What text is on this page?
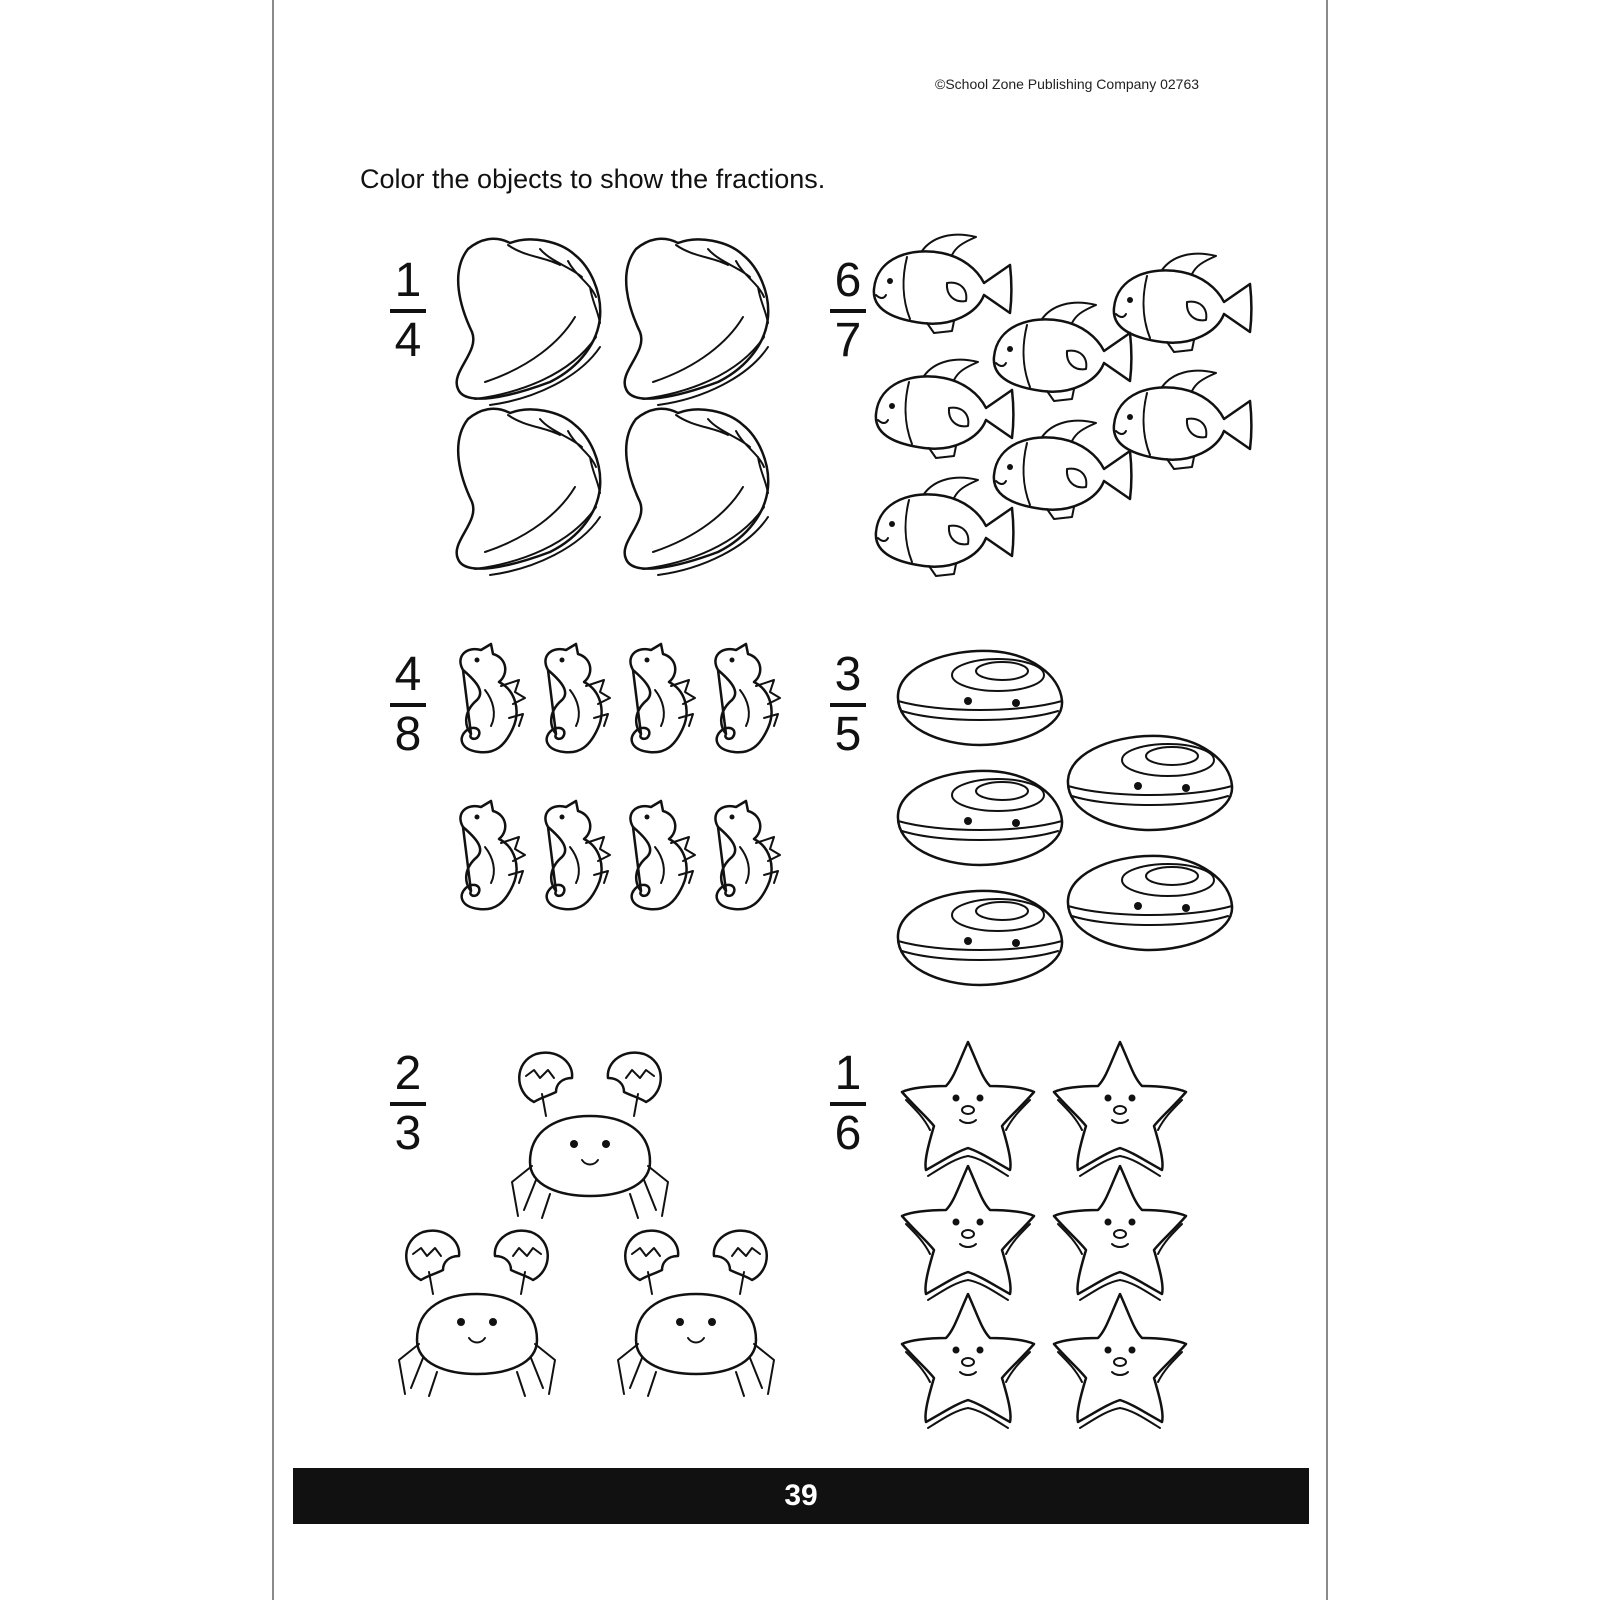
©School Zone Publishing Company 02763
Color the objects to show the fractions.
1
4
6
7
4
8
3
5
2
3
1
6
39
